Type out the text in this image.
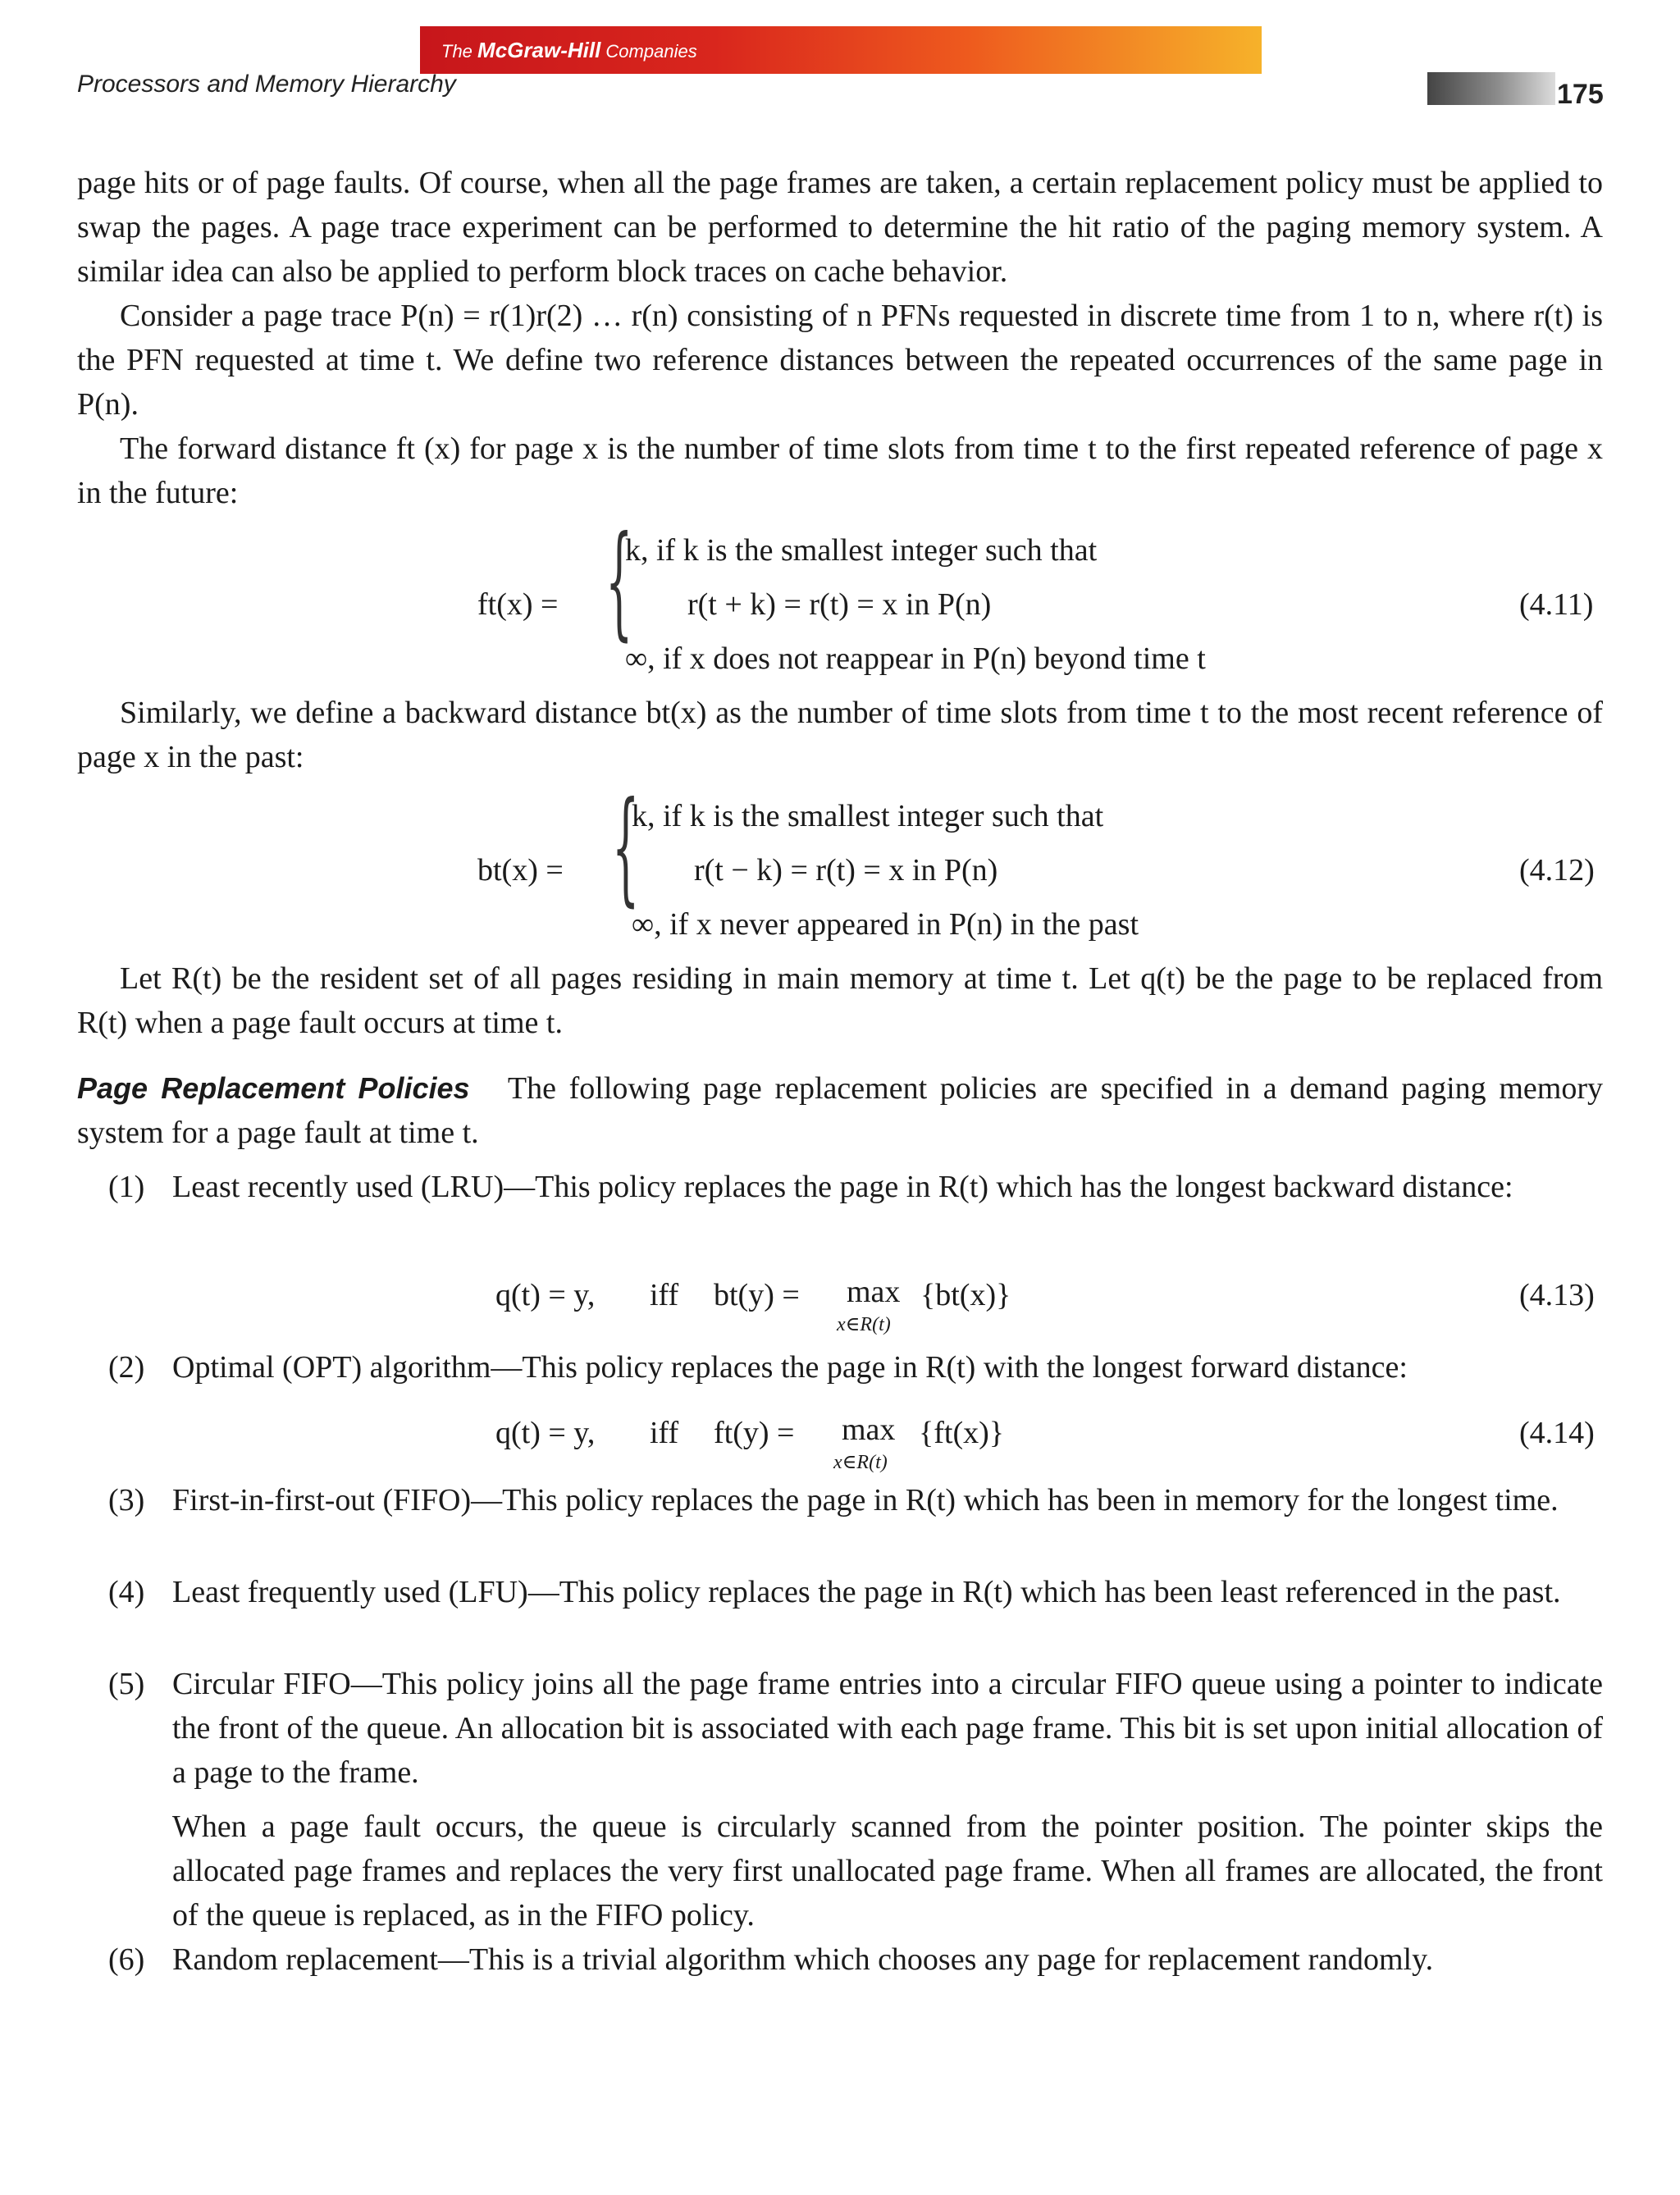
The McGraw-Hill Companies
Processors and Memory Hierarchy	175
page hits or of page faults. Of course, when all the page frames are taken, a certain replacement policy must be applied to swap the pages. A page trace experiment can be performed to determine the hit ratio of the paging memory system. A similar idea can also be applied to perform block traces on cache behavior.
Consider a page trace P(n) = r(1)r(2) … r(n) consisting of n PFNs requested in discrete time from 1 to n, where r(t) is the PFN requested at time t. We define two reference distances between the repeated occurrences of the same page in P(n).
The forward distance ft (x) for page x is the number of time slots from time t to the first repeated reference of page x in the future:
ft(x) = {
k, if k is the smallest integer such that
r(t + k) = r(t) = x in P(n)
∞, if x does not reappear in P(n) beyond time t
(4.11)
Similarly, we define a backward distance bt(x) as the number of time slots from time t to the most recent reference of page x in the past:
bt(x) = {
k, if k is the smallest integer such that
r(t − k) = r(t) = x in P(n)
∞, if x never appeared in P(n) in the past
(4.12)
Let R(t) be the resident set of all pages residing in main memory at time t. Let q(t) be the page to be replaced from R(t) when a page fault occurs at time t.
Page Replacement Policies The following page replacement policies are specified in a demand paging memory system for a page fault at time t.
(1) Least recently used (LRU)—This policy replaces the page in R(t) which has the longest backward distance:
q(t) = y, iff bt(y) = max
x∈R(t)
{bt(x)}	(4.13)
(2) Optimal (OPT) algorithm—This policy replaces the page in R(t) with the longest forward distance:
q(t) = y, iff ft(y) = max
x∈R(t)
{ft(x)}	(4.14)
(3) First-in-first-out (FIFO)—This policy replaces the page in R(t) which has been in memory for the longest time.
(4) Least frequently used (LFU)—This policy replaces the page in R(t) which has been least referenced in the past.
(5) Circular FIFO—This policy joins all the page frame entries into a circular FIFO queue using a pointer to indicate the front of the queue. An allocation bit is associated with each page frame. This bit is set upon initial allocation of a page to the frame.
When a page fault occurs, the queue is circularly scanned from the pointer position. The pointer skips the allocated page frames and replaces the very first unallocated page frame. When all frames are allocated, the front of the queue is replaced, as in the FIFO policy.
(6) Random replacement—This is a trivial algorithm which chooses any page for replacement randomly.
